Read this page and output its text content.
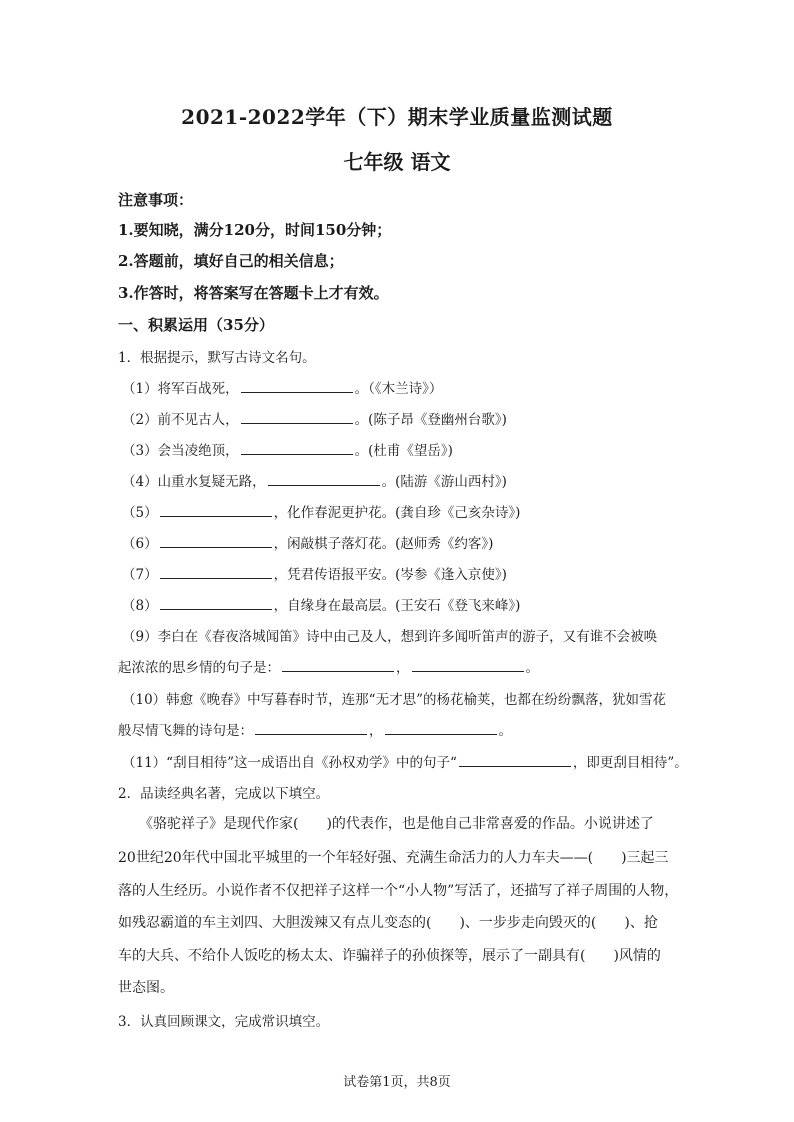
2021-2022学年（下）期末学业质量监测试题
七年级 语文
注意事项：
1.要知晓，满分120分，时间150分钟；
2.答题前，填好自己的相关信息；
3.作答时，将答案写在答题卡上才有效。
一、积累运用（35分）
1．根据提示，默写古诗文名句。
（1）将军百战死，	。（《木兰诗》）
（2）前不见古人，	。(陈子昂《登幽州台歌》)
（3）会当凌绝顶，	。(杜甫《望岳》)
（4）山重水复疑无路，	。(陆游《游山西村》)
（5）	，化作春泥更护花。(龚自珍《己亥杂诗》)
（6）	，闲敲棋子落灯花。(赵师秀《约客》)
（7）	，凭君传语报平安。(岑参《逢入京使》)
（8）	，自缘身在最高层。(王安石《登飞来峰》)
（9）李白在《春夜洛城闻笛》诗中由己及人，想到许多闻听笛声的游子，又有谁不会被唤
起浓浓的思乡情的句子是：	，	。
（10）韩愈《晚春》中写暮春时节，连那“无才思”的杨花榆荚，也都在纷纷飘落，犹如雪花
般尽情飞舞的诗句是：	，	。
（11）“刮目相待”这一成语出自《孙权劝学》中的句子“	，即更刮目相待”。
2．品读经典名著，完成以下填空。
　　《骆驼祥子》是现代作家( )的代表作，也是他自己非常喜爱的作品。小说讲述了
20世纪20年代中国北平城里的一个年轻好强、充满生命活力的人力车夫——( )三起三
落的人生经历。小说作者不仅把祥子这样一个“小人物”写活了，还描写了祥子周围的人物，
如残忍霸道的车主刘四、大胆泼辣又有点儿变态的( )、一步步走向毁灭的( )、抢
车的大兵、不给仆人饭吃的杨太太、诈骗祥子的孙侦探等，展示了一副具有( )风情的
世态图。
3．认真回顾课文，完成常识填空。
试卷第1页，共8页
